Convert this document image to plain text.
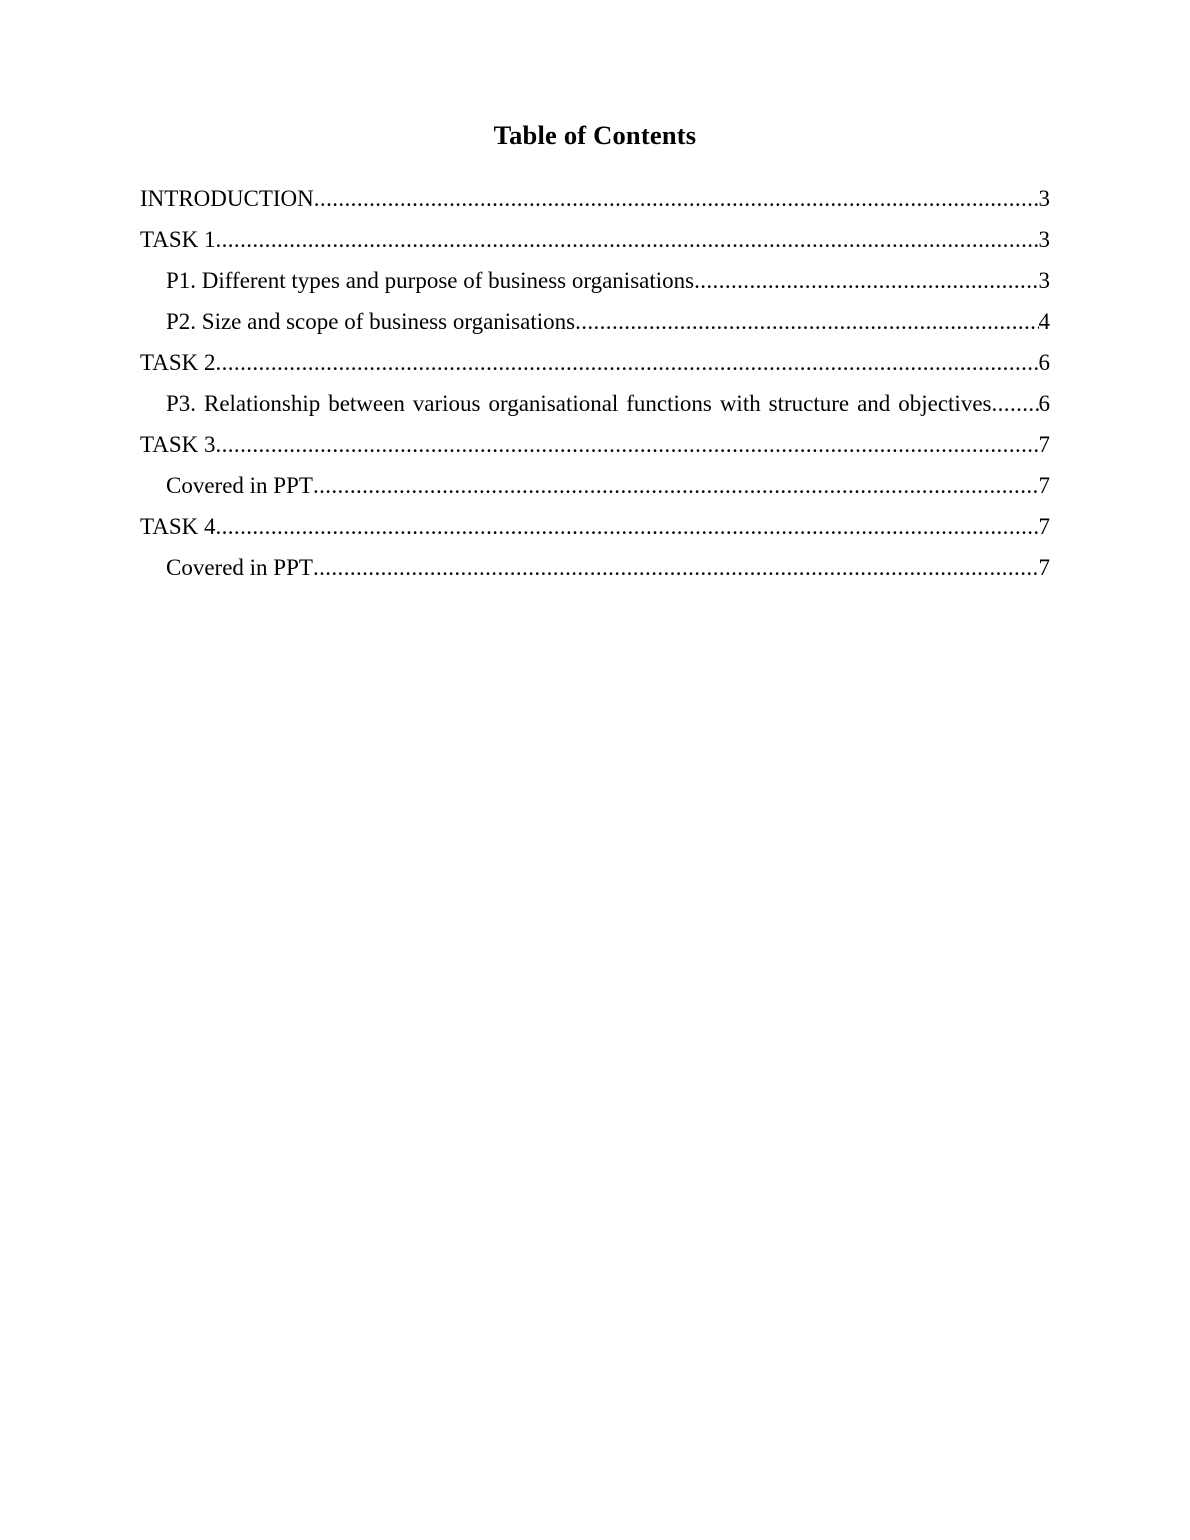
Table of Contents
INTRODUCTION .....	3
TASK 1 .....	3
P1. Different types and purpose of business organisations .....	3
P2. Size and scope of business organisations .....	4
TASK 2 .....	6
P3. Relationship between various organisational functions with structure and objectives ..... 6
TASK 3 .....	7
Covered in PPT .....	7
TASK 4 .....	7
Covered in PPT .....	7
